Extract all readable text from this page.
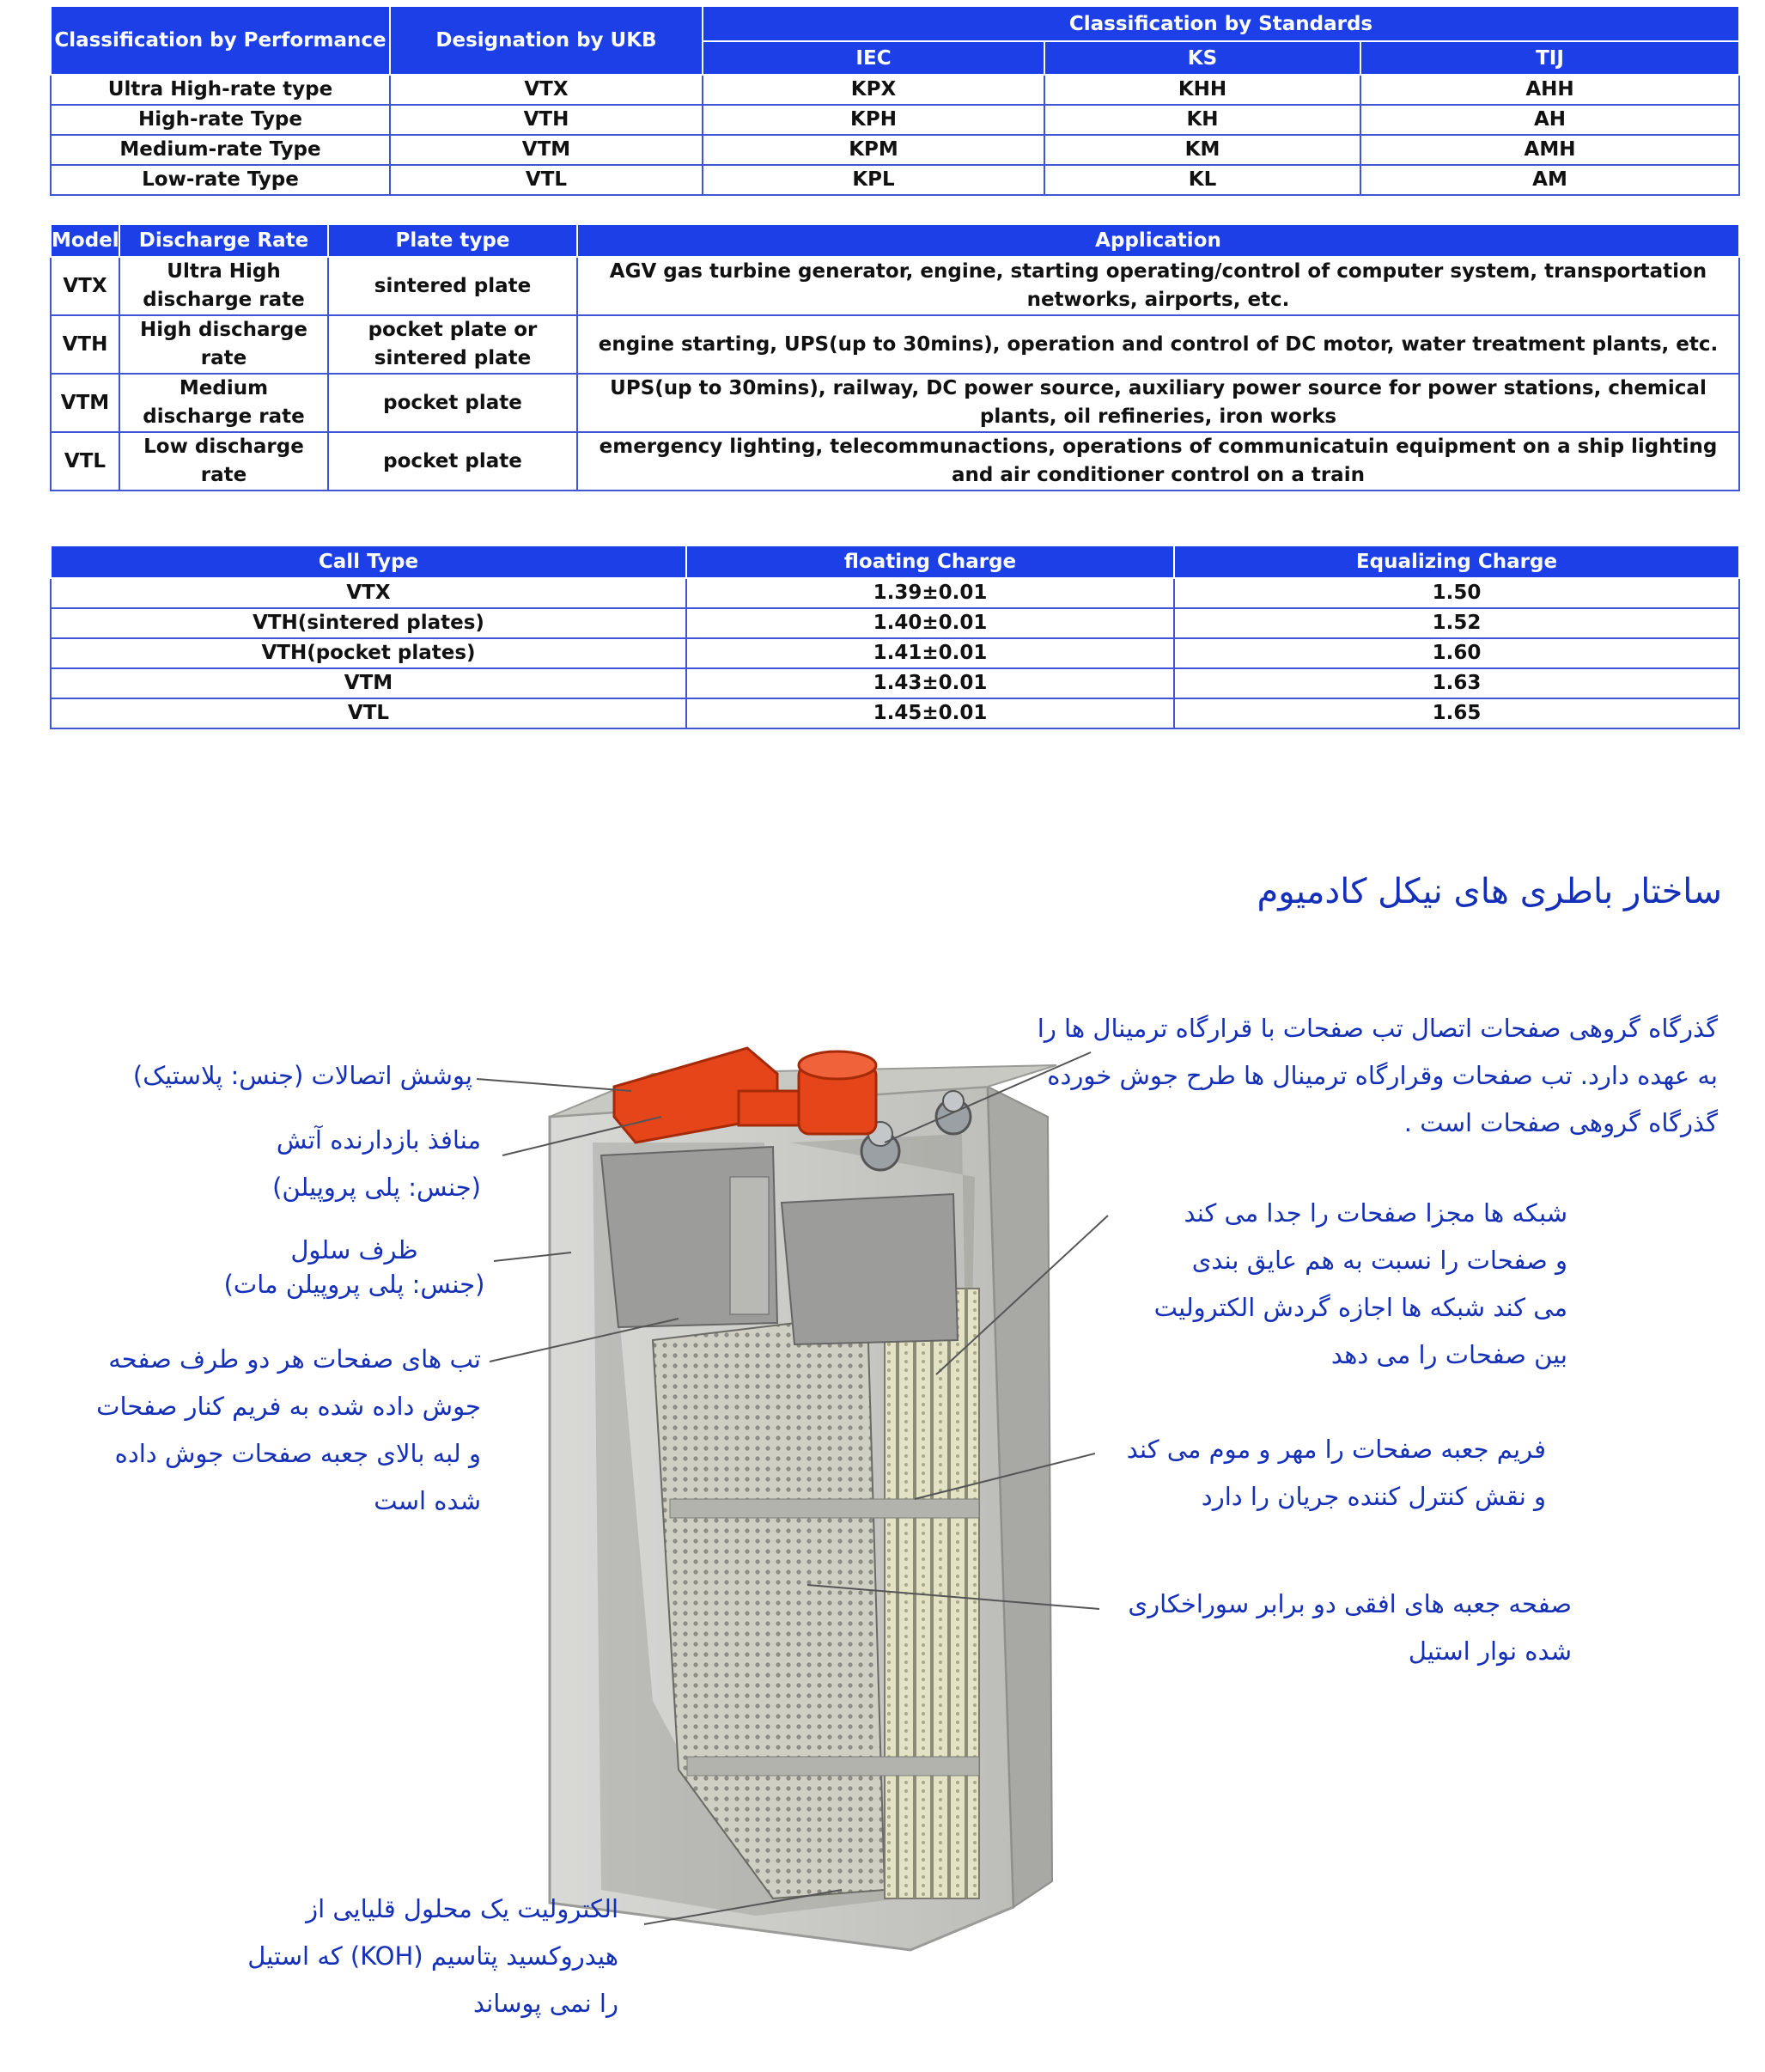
Classification by Performance	Designation by UKB	Classification by Standards		
		IEC	KS	TIJ
Ultra High-rate type	VTX	KPX	KHH	AHH
High-rate Type	VTH	KPH	KH	AH
Medium-rate Type	VTM	KPM	KM	AMH
Low-rate Type	VTL	KPL	KL	AM
Model	Discharge Rate	Plate type	Application
VTX	Ultra High discharge rate	sintered plate	AGV gas turbine generator, engine, starting operating/control of computer system, transportation networks, airports, etc.
VTH	High discharge rate	pocket plate or sintered plate	engine starting, UPS(up to 30mins), operation and control of DC motor, water treatment plants, etc.
VTM	Medium discharge rate	pocket plate	UPS(up to 30mins), railway, DC power source, auxiliary power source for power stations, chemical plants, oil refineries, iron works
VTL	Low discharge rate	pocket plate	emergency lighting, telecommunactions, operations of communicatuin equipment on a ship lighting and air conditioner control on a train
Call Type	floating Charge	Equalizing Charge
VTX	1.39±0.01	1.50
VTH(sintered plates)	1.40±0.01	1.52
VTH(pocket plates)	1.41±0.01	1.60
VTM	1.43±0.01	1.63
VTL	1.45±0.01	1.65
ساختار باطری های نیکل کادمیوم
پوشش اتصالات (جنس: پلاستیک)
منافذ بازدارنده آتش
(جنس: پلی پروپیلن)
ظرف سلول
(جنس: پلی پروپیلن مات)
تب های صفحات هر دو طرف صفحه
جوش داده شده به فریم کنار صفحات
و لبه بالای جعبه صفحات جوش داده
شده است
الکترولیت یک محلول قلیایی از
هیدروکسید پتاسیم (KOH) که استیل
را نمی پوساند
گذرگاه گروهی صفحات اتصال تب صفحات با قرارگاه ترمینال ها را
به عهده دارد. تب صفحات وقرارگاه ترمینال ها طرح جوش خورده
گذرگاه گروهی صفحات است .
شبکه ها مجزا صفحات را جدا می کند
و صفحات را نسبت به هم عایق بندی
می کند شبکه ها اجازه گردش الکترولیت
بین صفحات را می دهد
فریم جعبه صفحات را مهر و موم می کند
و نقش کنترل کننده جریان را دارد
صفحه جعبه های افقی دو برابر سوراخکاری
شده نوار استیل
